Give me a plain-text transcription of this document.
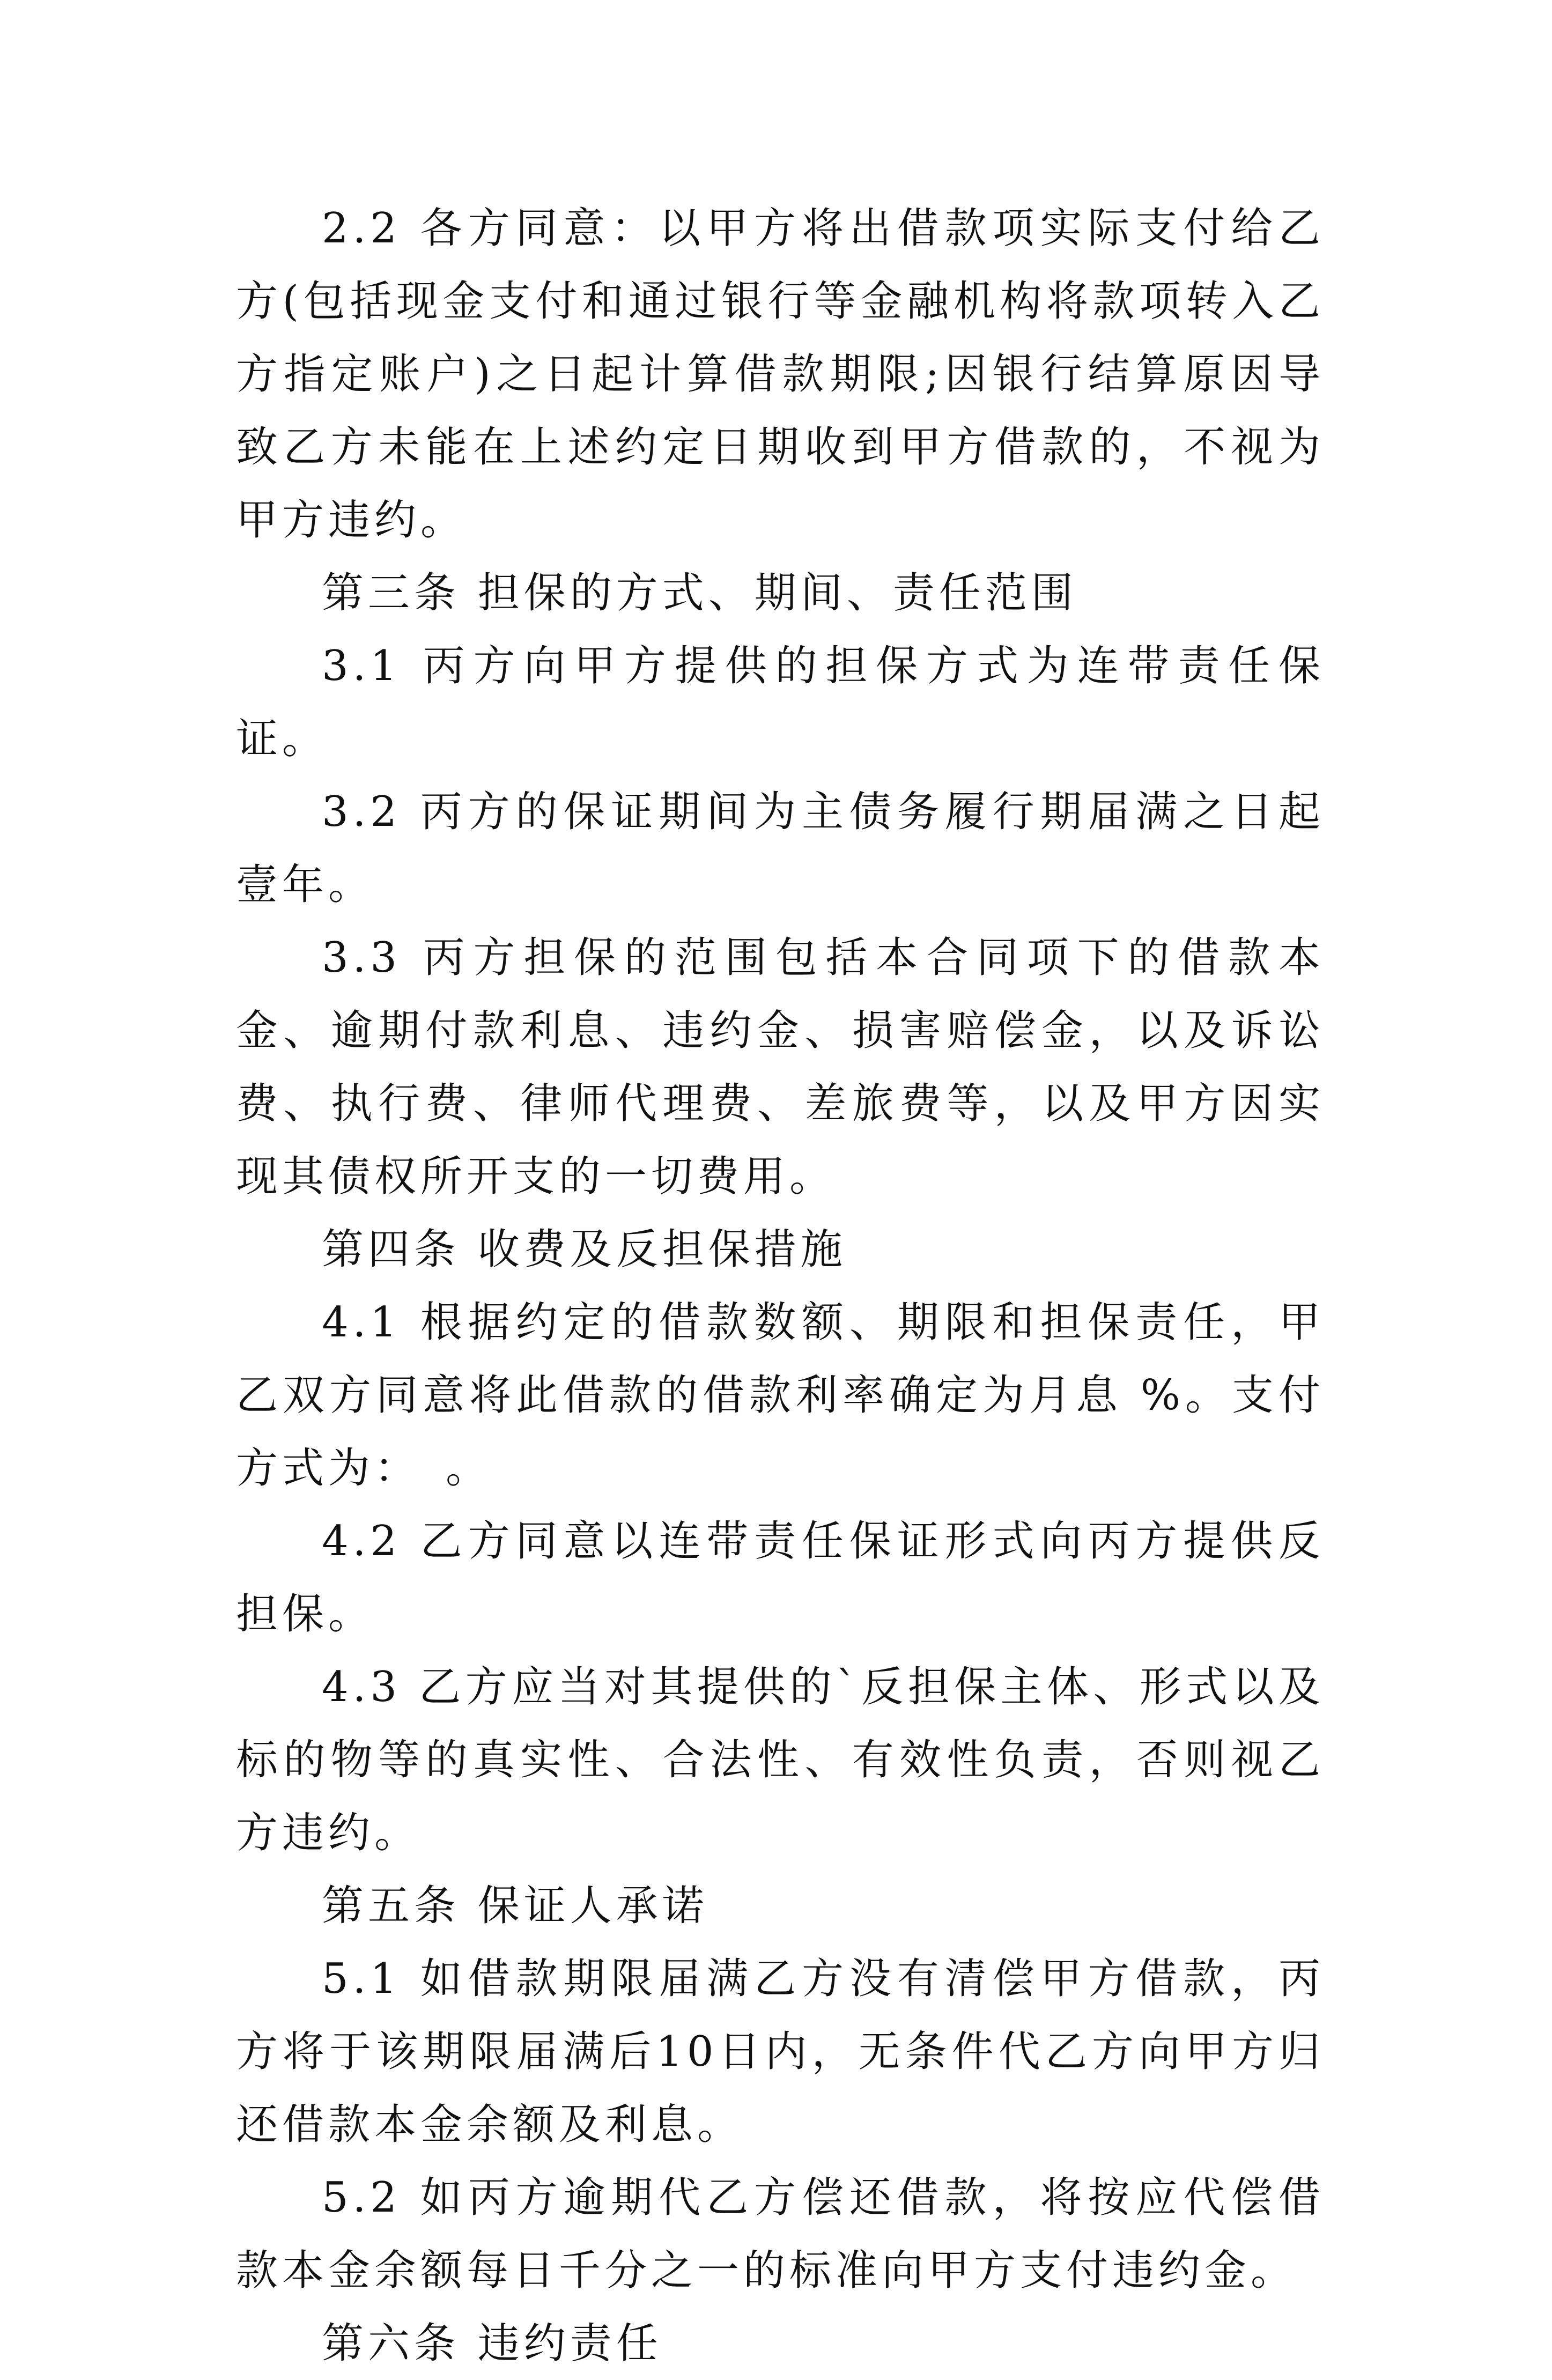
2.2 各方同意：以甲方将出借款项实际支付给乙方(包括现金支付和通过银行等金融机构将款项转入乙方指定账户)之日起计算借款期限;因银行结算原因导致乙方未能在上述约定日期收到甲方借款的，不视为甲方违约。

第三条 担保的方式、期间、责任范围

3.1 丙方向甲方提供的担保方式为连带责任保证。

3.2 丙方的保证期间为主债务履行期届满之日起壹年。

3.3 丙方担保的范围包括本合同项下的借款本金、逾期付款利息、违约金、损害赔偿金，以及诉讼费、执行费、律师代理费、差旅费等，以及甲方因实现其债权所开支的一切费用。

第四条 收费及反担保措施

4.1 根据约定的借款数额、期限和担保责任，甲乙双方同意将此借款的借款利率确定为月息 %。支付方式为：　。

4.2 乙方同意以连带责任保证形式向丙方提供反担保。

4.3 乙方应当对其提供的`反担保主体、形式以及标的物等的真实性、合法性、有效性负责，否则视乙方违约。

第五条 保证人承诺

5.1 如借款期限届满乙方没有清偿甲方借款，丙方将于该期限届满后10日内，无条件代乙方向甲方归还借款本金余额及利息。

5.2 如丙方逾期代乙方偿还借款，将按应代偿借款本金余额每日千分之一的标准向甲方支付违约金。

第六条 违约责任
